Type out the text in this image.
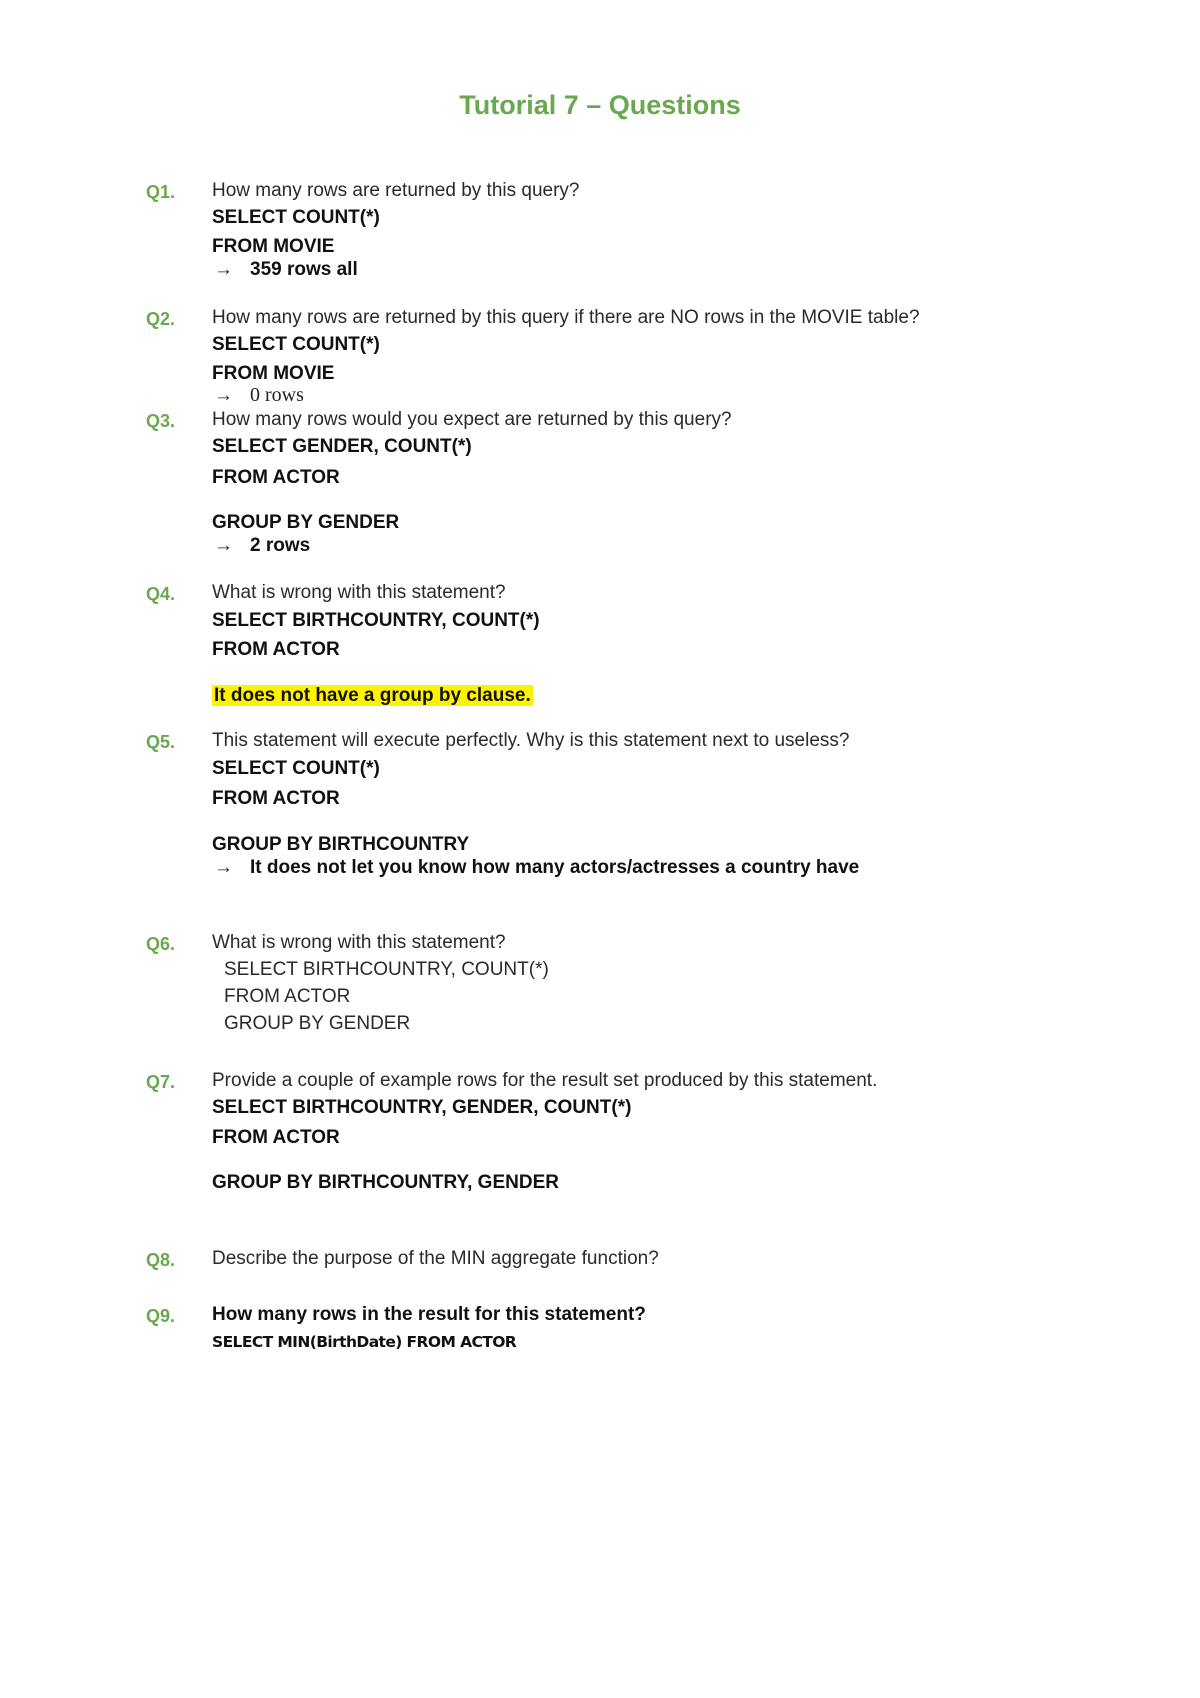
Tutorial 7 – Questions
Q1. How many rows are returned by this query?
SELECT COUNT(*)
FROM MOVIE
→ 359 rows all
Q2. How many rows are returned by this query if there are NO rows in the MOVIE table?
SELECT COUNT(*)
FROM MOVIE
→ 0 rows
Q3. How many rows would you expect are returned by this query?
SELECT GENDER, COUNT(*)
FROM ACTOR
GROUP BY GENDER
→ 2 rows
Q4. What is wrong with this statement?
SELECT BIRTHCOUNTRY, COUNT(*)
FROM ACTOR
It does not have a group by clause.
Q5. This statement will execute perfectly. Why is this statement next to useless?
SELECT COUNT(*)
FROM ACTOR
GROUP BY BIRTHCOUNTRY
→ It does not let you know how many actors/actresses a country have
Q6. What is wrong with this statement?
SELECT BIRTHCOUNTRY, COUNT(*)
FROM ACTOR
GROUP BY GENDER
Q7. Provide a couple of example rows for the result set produced by this statement.
SELECT BIRTHCOUNTRY, GENDER, COUNT(*)
FROM ACTOR
GROUP BY BIRTHCOUNTRY, GENDER
Q8. Describe the purpose of the MIN aggregate function?
Q9. How many rows in the result for this statement?
SELECT MIN(BirthDate) FROM ACTOR
